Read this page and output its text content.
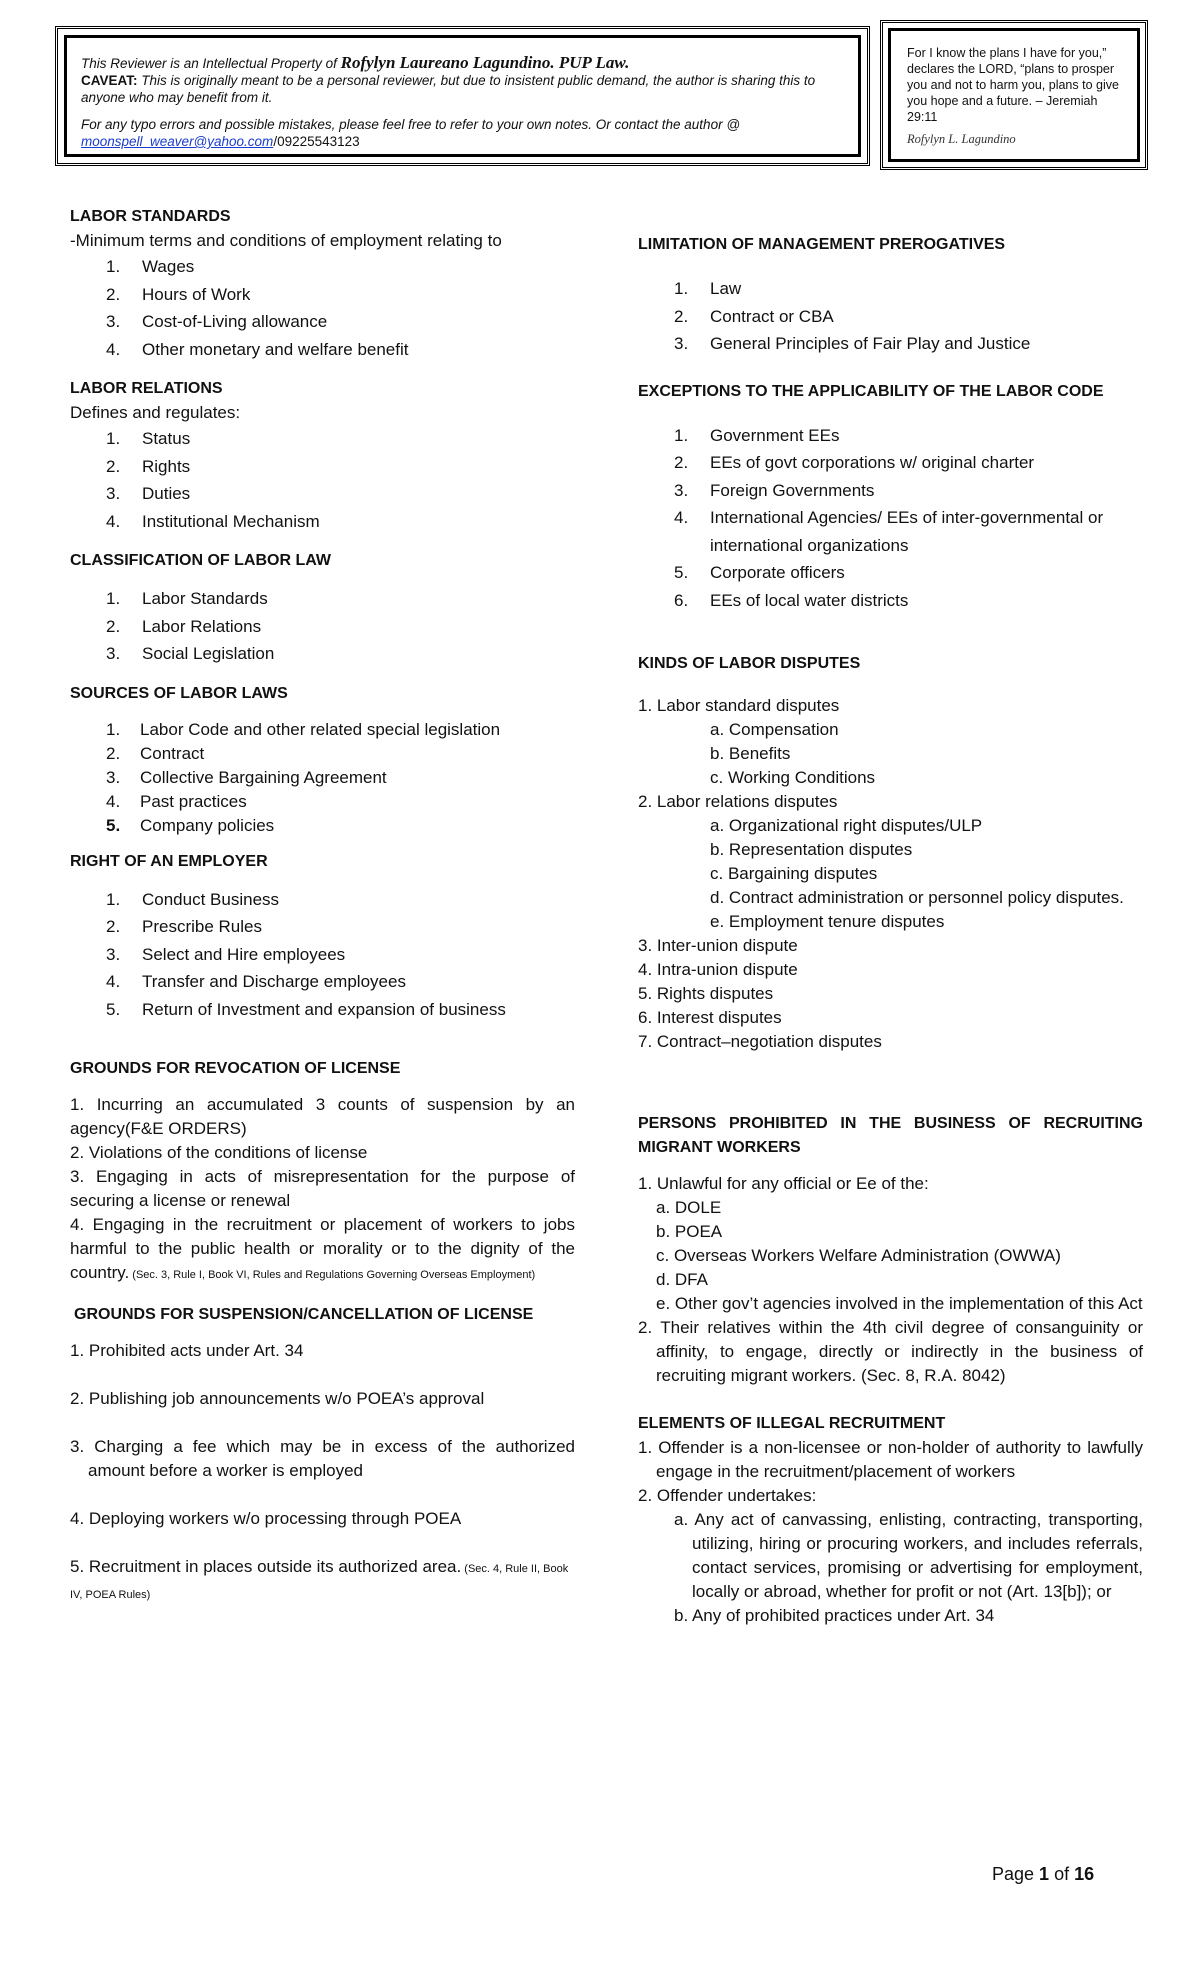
This Reviewer is an Intellectual Property of Rofylyn Laureano Lagundino. PUP Law.
CAVEAT: This is originally meant to be a personal reviewer, but due to insistent public demand, the author is sharing this to anyone who may benefit from it.
For any typo errors and possible mistakes, please feel free to refer to your own notes. Or contact the author @
moonspell_weaver@yahoo.com/09225543123
For I know the plans I have for you,” declares the LORD, “plans to prosper you and not to harm you, plans to give you hope and a future. – Jeremiah 29:11
Rofylyn L. Lagundino
LABOR STANDARDS
-Minimum terms and conditions of employment relating to
1.	Wages
2.	Hours of Work
3.	Cost-of-Living allowance
4.	Other monetary and welfare benefit
LABOR RELATIONS
Defines and regulates:
1.	Status
2.	Rights
3.	Duties
4.	Institutional Mechanism
CLASSIFICATION OF LABOR LAW
1.	Labor Standards
2.	Labor Relations
3.	Social Legislation
SOURCES OF LABOR LAWS
1.	Labor Code and other related special legislation
2.	Contract
3.	Collective Bargaining Agreement
4.	Past practices
5.	Company policies
RIGHT OF AN EMPLOYER
1.	Conduct Business
2.	Prescribe Rules
3.	Select and Hire employees
4.	Transfer and Discharge employees
5.	Return of Investment and expansion of business
GROUNDS FOR REVOCATION OF LICENSE
1. Incurring an accumulated 3 counts of suspension by an agency(F&E ORDERS)
2. Violations of the conditions of license
3. Engaging in acts of misrepresentation for the purpose of securing a license or renewal
4. Engaging in the recruitment or placement of workers to jobs harmful to the public health or morality or to the dignity of the country. (Sec. 3, Rule I, Book VI, Rules and Regulations Governing Overseas Employment)
GROUNDS FOR SUSPENSION/CANCELLATION OF LICENSE
1. Prohibited acts under Art. 34
2. Publishing job announcements w/o POEA’s approval
3. Charging a fee which may be in excess of the authorized amount before a worker is employed
4. Deploying workers w/o processing through POEA
5. Recruitment in places outside its authorized area. (Sec. 4, Rule II, Book IV, POEA Rules)
LIMITATION OF MANAGEMENT PREROGATIVES
1.	Law
2.	Contract or CBA
3.	General Principles of Fair Play and Justice
EXCEPTIONS TO THE APPLICABILITY OF THE LABOR CODE
1.	Government EEs
2.	EEs of govt corporations w/ original charter
3.	Foreign Governments
4.	International Agencies/ EEs of inter-governmental or international organizations
5.	Corporate officers
6.	EEs of local water districts
KINDS OF LABOR DISPUTES
1. Labor standard disputes
a. Compensation
b. Benefits
c. Working Conditions
2. Labor relations disputes
a. Organizational right disputes/ULP
b. Representation disputes
c. Bargaining disputes
d. Contract administration or personnel policy disputes.
e. Employment tenure disputes
3. Inter-union dispute
4. Intra-union dispute
5. Rights disputes
6. Interest disputes
7. Contract–negotiation disputes
PERSONS PROHIBITED IN THE BUSINESS OF RECRUITING MIGRANT WORKERS
1. Unlawful for any official or Ee of the:
a. DOLE
b. POEA
c. Overseas Workers Welfare Administration (OWWA)
d. DFA
e. Other gov’t agencies involved in the implementation of this Act
2. Their relatives within the 4th civil degree of consanguinity or affinity, to engage, directly or indirectly in the business of recruiting migrant workers. (Sec. 8, R.A. 8042)
ELEMENTS OF ILLEGAL RECRUITMENT
1. Offender is a non-licensee or non-holder of authority to lawfully engage in the recruitment/placement of workers
2. Offender undertakes:
a. Any act of canvassing, enlisting, contracting, transporting, utilizing, hiring or procuring workers, and includes referrals, contact services, promising or advertising for employment, locally or abroad, whether for profit or not (Art. 13[b]); or
b. Any of prohibited practices under Art. 34
Page 1 of 16
